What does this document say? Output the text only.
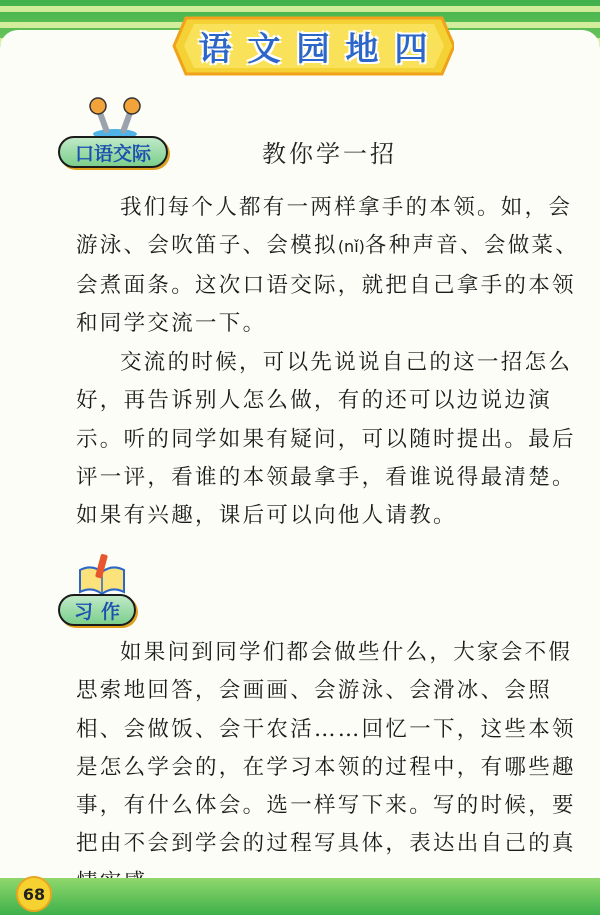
语文园地四
口语交际	教你学一招

我们每个人都有一两样拿手的本领。如，会游泳、会吹笛子、会模拟(nǐ)各种声音、会做菜、会煮面条。这次口语交际，就把自己拿手的本领和同学交流一下。

交流的时候，可以先说说自己的这一招怎么好，再告诉别人怎么做，有的还可以边说边演示。听的同学如果有疑问，可以随时提出。最后评一评，看谁的本领最拿手，看谁说得最清楚。如果有兴趣，课后可以向他人请教。

习作

如果问到同学们都会做些什么，大家会不假思索地回答，会画画、会游泳、会滑冰、会照相、会做饭、会干农活……回忆一下，这些本领是怎么学会的，在学习本领的过程中，有哪些趣事，有什么体会。选一样写下来。写的时候，要把由不会到学会的过程写具体，表达出自己的真

68
